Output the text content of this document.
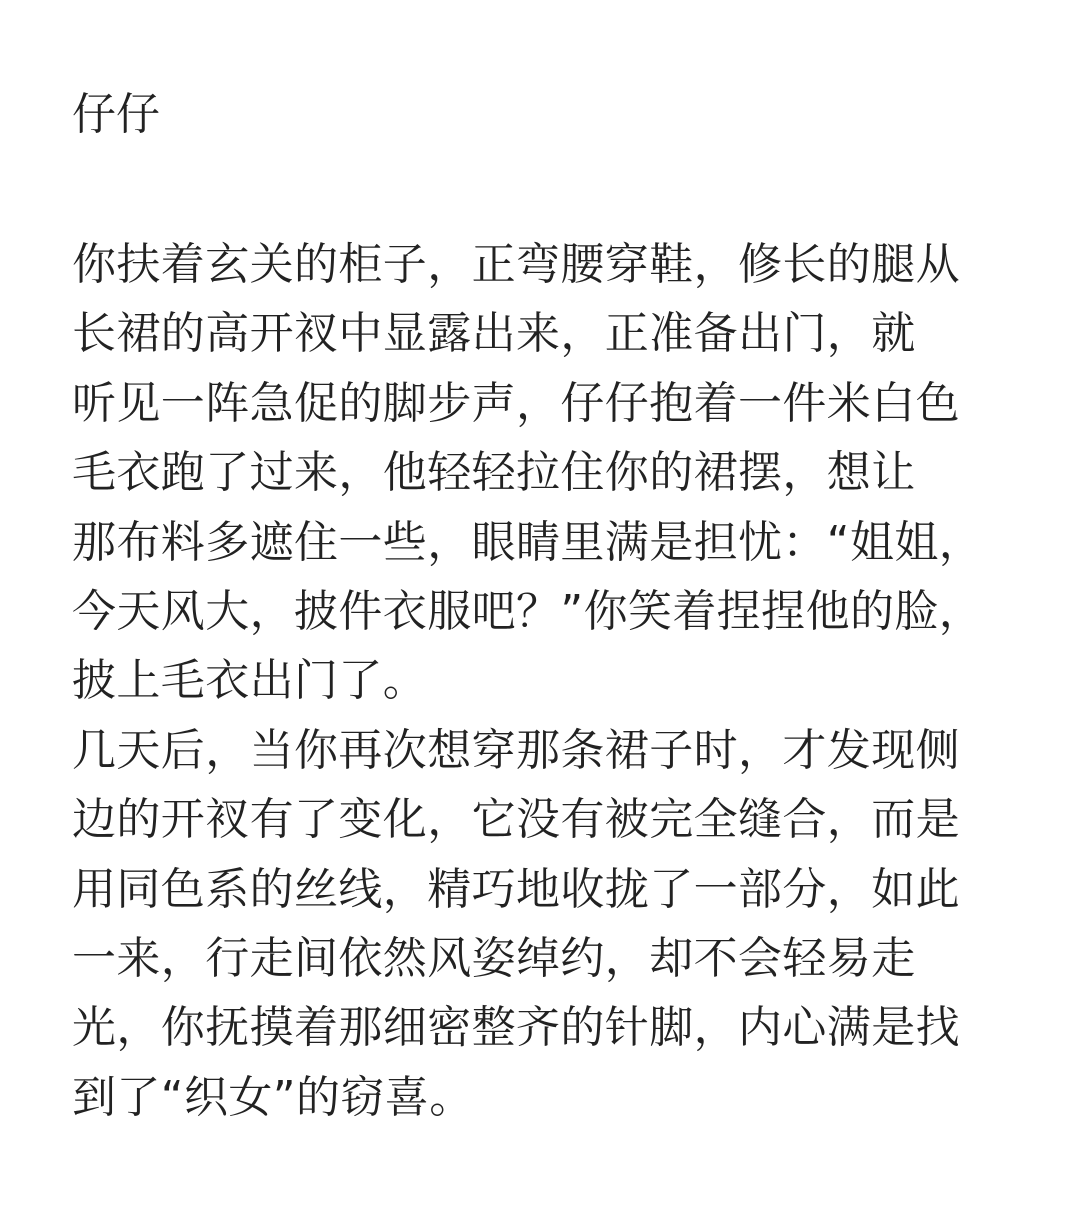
仔仔
你扶着玄关的柜子，正弯腰穿鞋，修长的腿从
长裙的高开衩中显露出来，正准备出门，就
听见一阵急促的脚步声，仔仔抱着一件米白色
毛衣跑了过来，他轻轻拉住你的裙摆，想让
那布料多遮住一些，眼睛里满是担忧：“姐姐，
今天风大，披件衣服吧？”你笑着捏捏他的脸，
披上毛衣出门了。
几天后，当你再次想穿那条裙子时，才发现侧
边的开衩有了变化，它没有被完全缝合，而是
用同色系的丝线，精巧地收拢了一部分，如此
一来，行走间依然风姿绰约，却不会轻易走
光，你抚摸着那细密整齐的针脚，内心满是找
到了“织女”的窃喜。
